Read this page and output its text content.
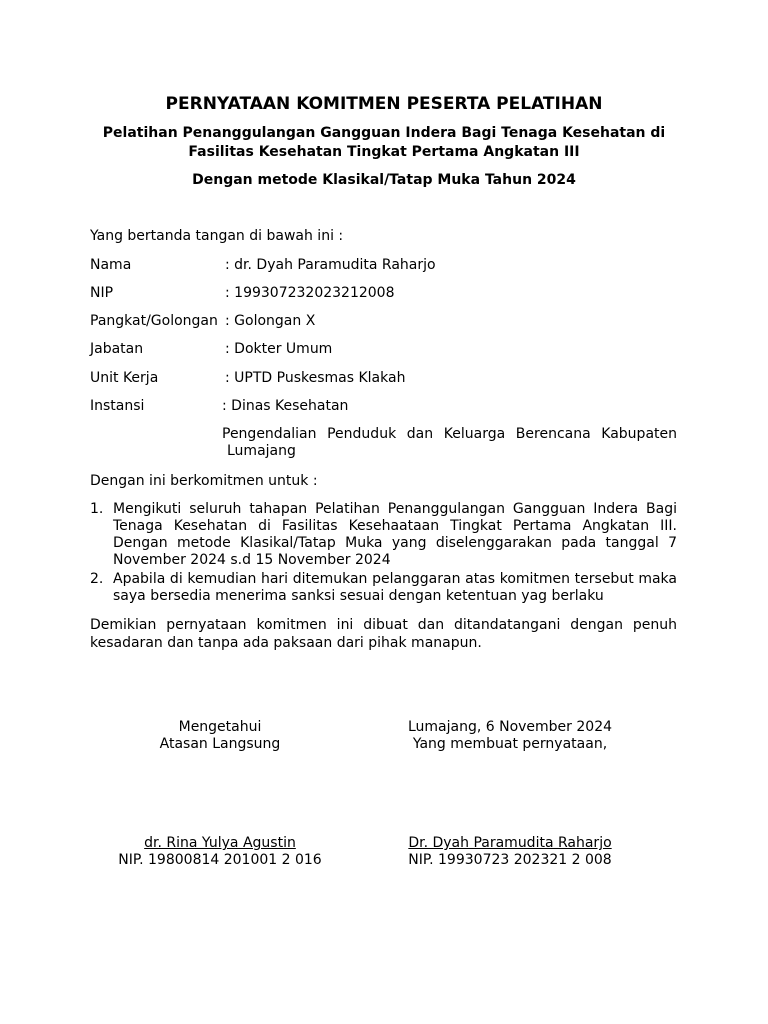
PERNYATAAN KOMITMEN PESERTA PELATIHAN
Pelatihan Penanggulangan Gangguan Indera Bagi Tenaga Kesehatan di
Fasilitas Kesehatan Tingkat Pertama Angkatan III
Dengan metode Klasikal/Tatap Muka Tahun 2024
Yang bertanda tangan di bawah ini :
Nama	: dr. Dyah Paramudita Raharjo
NIP	: 199307232023212008
Pangkat/Golongan : Golongan X
Jabatan	: Dokter Umum
Unit Kerja	: UPTD Puskesmas Klakah
Instansi	: Dinas Kesehatan
Pengendalian Penduduk dan Keluarga Berencana Kabupaten
Lumajang
Dengan ini berkomitmen untuk :
1. Mengikuti seluruh tahapan Pelatihan Penanggulangan Gangguan Indera Bagi
Tenaga Kesehatan di Fasilitas Kesehaataan Tingkat Pertama Angkatan III.
Dengan metode Klasikal/Tatap Muka yang diselenggarakan pada tanggal 7
November 2024 s.d 15 November 2024
2. Apabila di kemudian hari ditemukan pelanggaran atas komitmen tersebut maka
saya bersedia menerima sanksi sesuai dengan ketentuan yag berlaku
Demikian pernyataan komitmen ini dibuat dan ditandatangani dengan penuh
kesadaran dan tanpa ada paksaan dari pihak manapun.
Mengetahui
Atasan Langsung
dr. Rina Yulya Agustin
NIP. 19800814 201001 2 016
Lumajang, 6 November 2024
Yang membuat pernyataan,
Dr. Dyah Paramudita Raharjo
NIP. 19930723 202321 2 008
